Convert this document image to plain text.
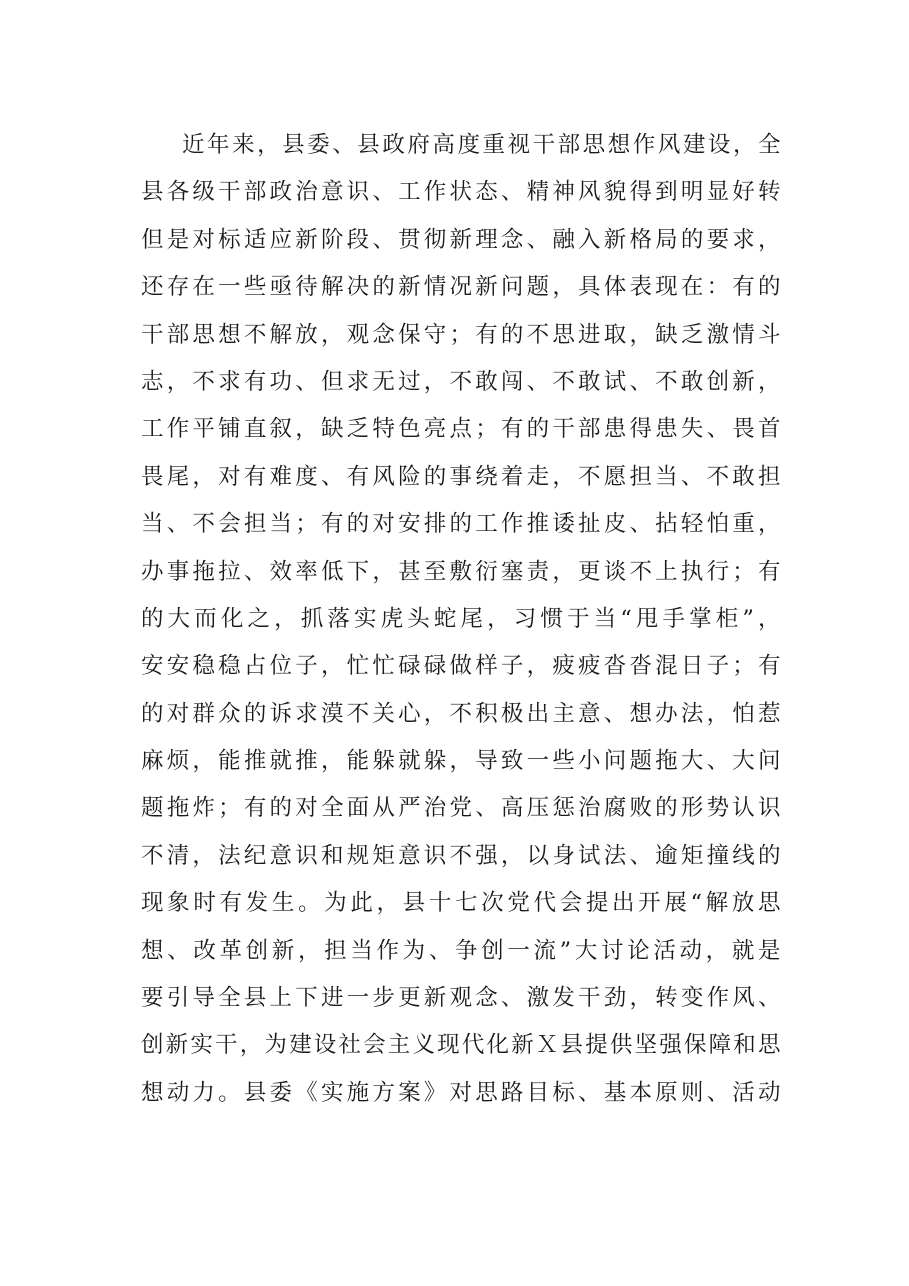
近年来，县委、县政府高度重视干部思想作风建设，全
县各级干部政治意识、工作状态、精神风貌得到明显好转
但是对标适应新阶段、贯彻新理念、融入新格局的要求，
还存在一些亟待解决的新情况新问题，具体表现在：有的
干部思想不解放，观念保守；有的不思进取，缺乏激情斗
志，不求有功、但求无过，不敢闯、不敢试、不敢创新，
工作平铺直叙，缺乏特色亮点；有的干部患得患失、畏首
畏尾，对有难度、有风险的事绕着走，不愿担当、不敢担
当、不会担当；有的对安排的工作推诿扯皮、拈轻怕重，
办事拖拉、效率低下，甚至敷衍塞责，更谈不上执行；有
的大而化之，抓落实虎头蛇尾，习惯于当“甩手掌柜”，
安安稳稳占位子，忙忙碌碌做样子，疲疲沓沓混日子；有
的对群众的诉求漠不关心，不积极出主意、想办法，怕惹
麻烦，能推就推，能躲就躲，导致一些小问题拖大、大问
题拖炸；有的对全面从严治党、高压惩治腐败的形势认识
不清，法纪意识和规矩意识不强，以身试法、逾矩撞线的
现象时有发生。为此，县十七次党代会提出开展“解放思
想、改革创新，担当作为、争创一流”大讨论活动，就是
要引导全县上下进一步更新观念、激发干劲，转变作风、
创新实干，为建设社会主义现代化新Ｘ县提供坚强保障和思
想动力。县委《实施方案》对思路目标、基本原则、活动
